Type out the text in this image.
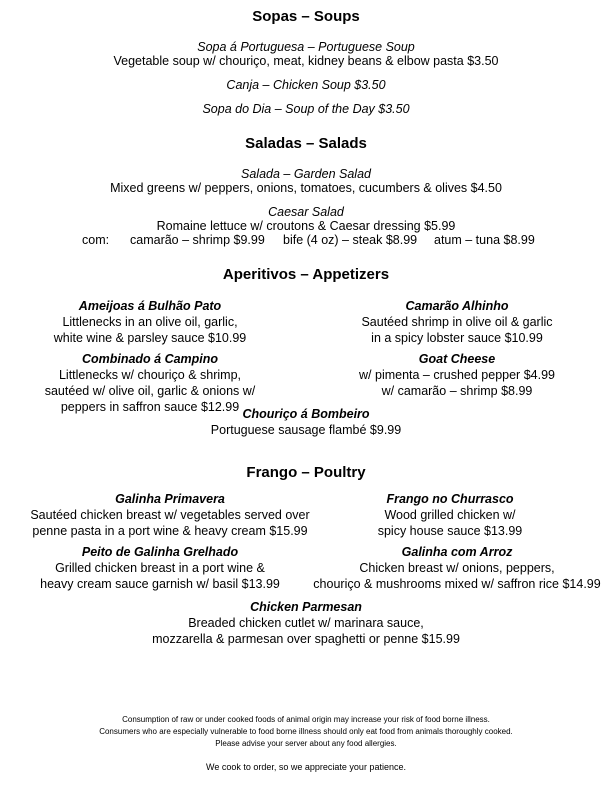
Sopas – Soups
Sopa á Portuguesa – Portuguese Soup
Vegetable soup w/ chouriço, meat, kidney beans & elbow pasta $3.50
Canja – Chicken Soup $3.50
Sopa do Dia – Soup of the Day $3.50
Saladas – Salads
Salada – Garden Salad
Mixed greens w/ peppers, onions, tomatoes, cucumbers & olives $4.50
Caesar Salad
Romaine lettuce w/ croutons & Caesar dressing $5.99
com: camarão – shrimp $9.99 bife (4 oz) – steak $8.99 atum – tuna $8.99
Aperitivos – Appetizers
Ameijoas á Bulhão Pato
Littlenecks in an olive oil, garlic,
white wine & parsley sauce $10.99
Camarão Alhinho
Sautéed shrimp in olive oil & garlic
in a spicy lobster sauce $10.99
Combinado á Campino
Littlenecks w/ chouriço & shrimp,
sautéed w/ olive oil, garlic & onions w/
peppers in saffron sauce $12.99
Goat Cheese
w/ pimenta – crushed pepper $4.99
w/ camarão – shrimp $8.99
Chouriço á Bombeiro
Portuguese sausage flambé $9.99
Frango – Poultry
Galinha Primavera
Sautéed chicken breast w/ vegetables served over
penne pasta in a port wine & heavy cream $15.99
Frango no Churrasco
Wood grilled chicken w/
spicy house sauce $13.99
Peito de Galinha Grelhado
Grilled chicken breast in a port wine &
heavy cream sauce garnish w/ basil $13.99
Galinha com Arroz
Chicken breast w/ onions, peppers,
chouriço & mushrooms mixed w/ saffron rice $14.99
Chicken Parmesan
Breaded chicken cutlet w/ marinara sauce,
mozzarella & parmesan over spaghetti or penne $15.99
Consumption of raw or under cooked foods of animal origin may increase your risk of food borne illness.
Consumers who are especially vulnerable to food borne illness should only eat food from animals thoroughly cooked.
Please advise your server about any food allergies.
We cook to order, so we appreciate your patience.
